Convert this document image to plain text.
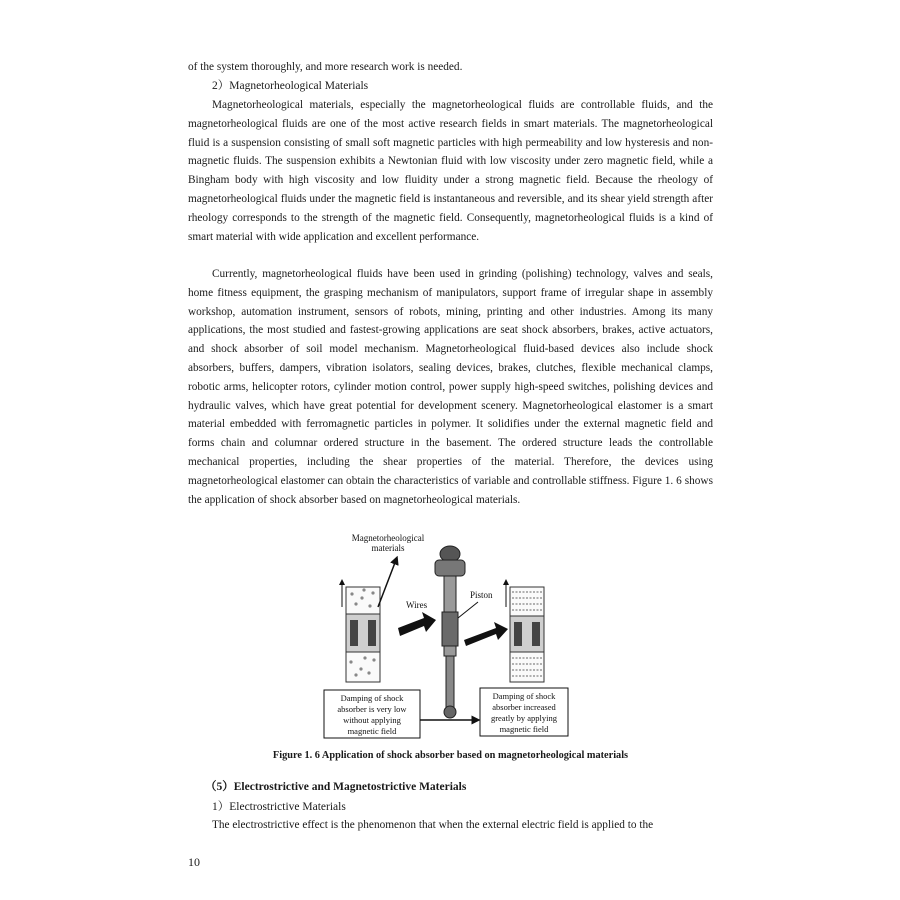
of the system thoroughly, and more research work is needed.

2）Magnetorheological Materials

Magnetorheological materials, especially the magnetorheological fluids are controllable fluids, and the magnetorheological fluids are one of the most active research fields in smart materials. The magnetorheological fluid is a suspension consisting of small soft magnetic particles with high permeability and low hysteresis and non-magnetic fluids. The suspension exhibits a Newtonian fluid with low viscosity under zero magnetic field, while a Bingham body with high viscosity and low fluidity under a strong magnetic field. Because the rheology of magnetorheological fluids under the magnetic field is instantaneous and reversible, and its shear yield strength after rheology corresponds to the strength of the magnetic field. Consequently, magnetorheological fluids is a kind of smart material with wide application and excellent performance.

Currently, magnetorheological fluids have been used in grinding (polishing) technology, valves and seals, home fitness equipment, the grasping mechanism of manipulators, support frame of irregular shape in assembly workshop, automation instrument, sensors of robots, mining, printing and other industries. Among its many applications, the most studied and fastest-growing applications are seat shock absorbers, brakes, active actuators, and shock absorber of soil model mechanism. Magnetorheological fluid-based devices also include shock absorbers, buffers, dampers, vibration isolators, sealing devices, brakes, clutches, flexible mechanical clamps, robotic arms, helicopter rotors, cylinder motion control, power supply high-speed switches, polishing devices and hydraulic valves, which have great potential for development scenery. Magnetorheological elastomer is a smart material embedded with ferromagnetic particles in polymer. It solidifies under the external magnetic field and forms chain and columnar ordered structure in the basement. The ordered structure leads the controllable mechanical properties, including the shear properties of the material. Therefore, the devices using magnetorheological elastomer can obtain the characteristics of variable and controllable stiffness. Figure 1. 6 shows the application of shock absorber based on magnetorheological materials.

Magnetorheological
materials
Wires
Piston
Damping of shock
absorber is very low
without applying
magnetic field
Damping of shock
absorber increased
greatly by applying
magnetic field
Figure 1. 6 Application of shock absorber based on magnetorheological materials

（5）Electrostrictive and Magnetostrictive Materials

1）Electrostrictive Materials

The electrostrictive effect is the phenomenon that when the external electric field is applied to the

10
